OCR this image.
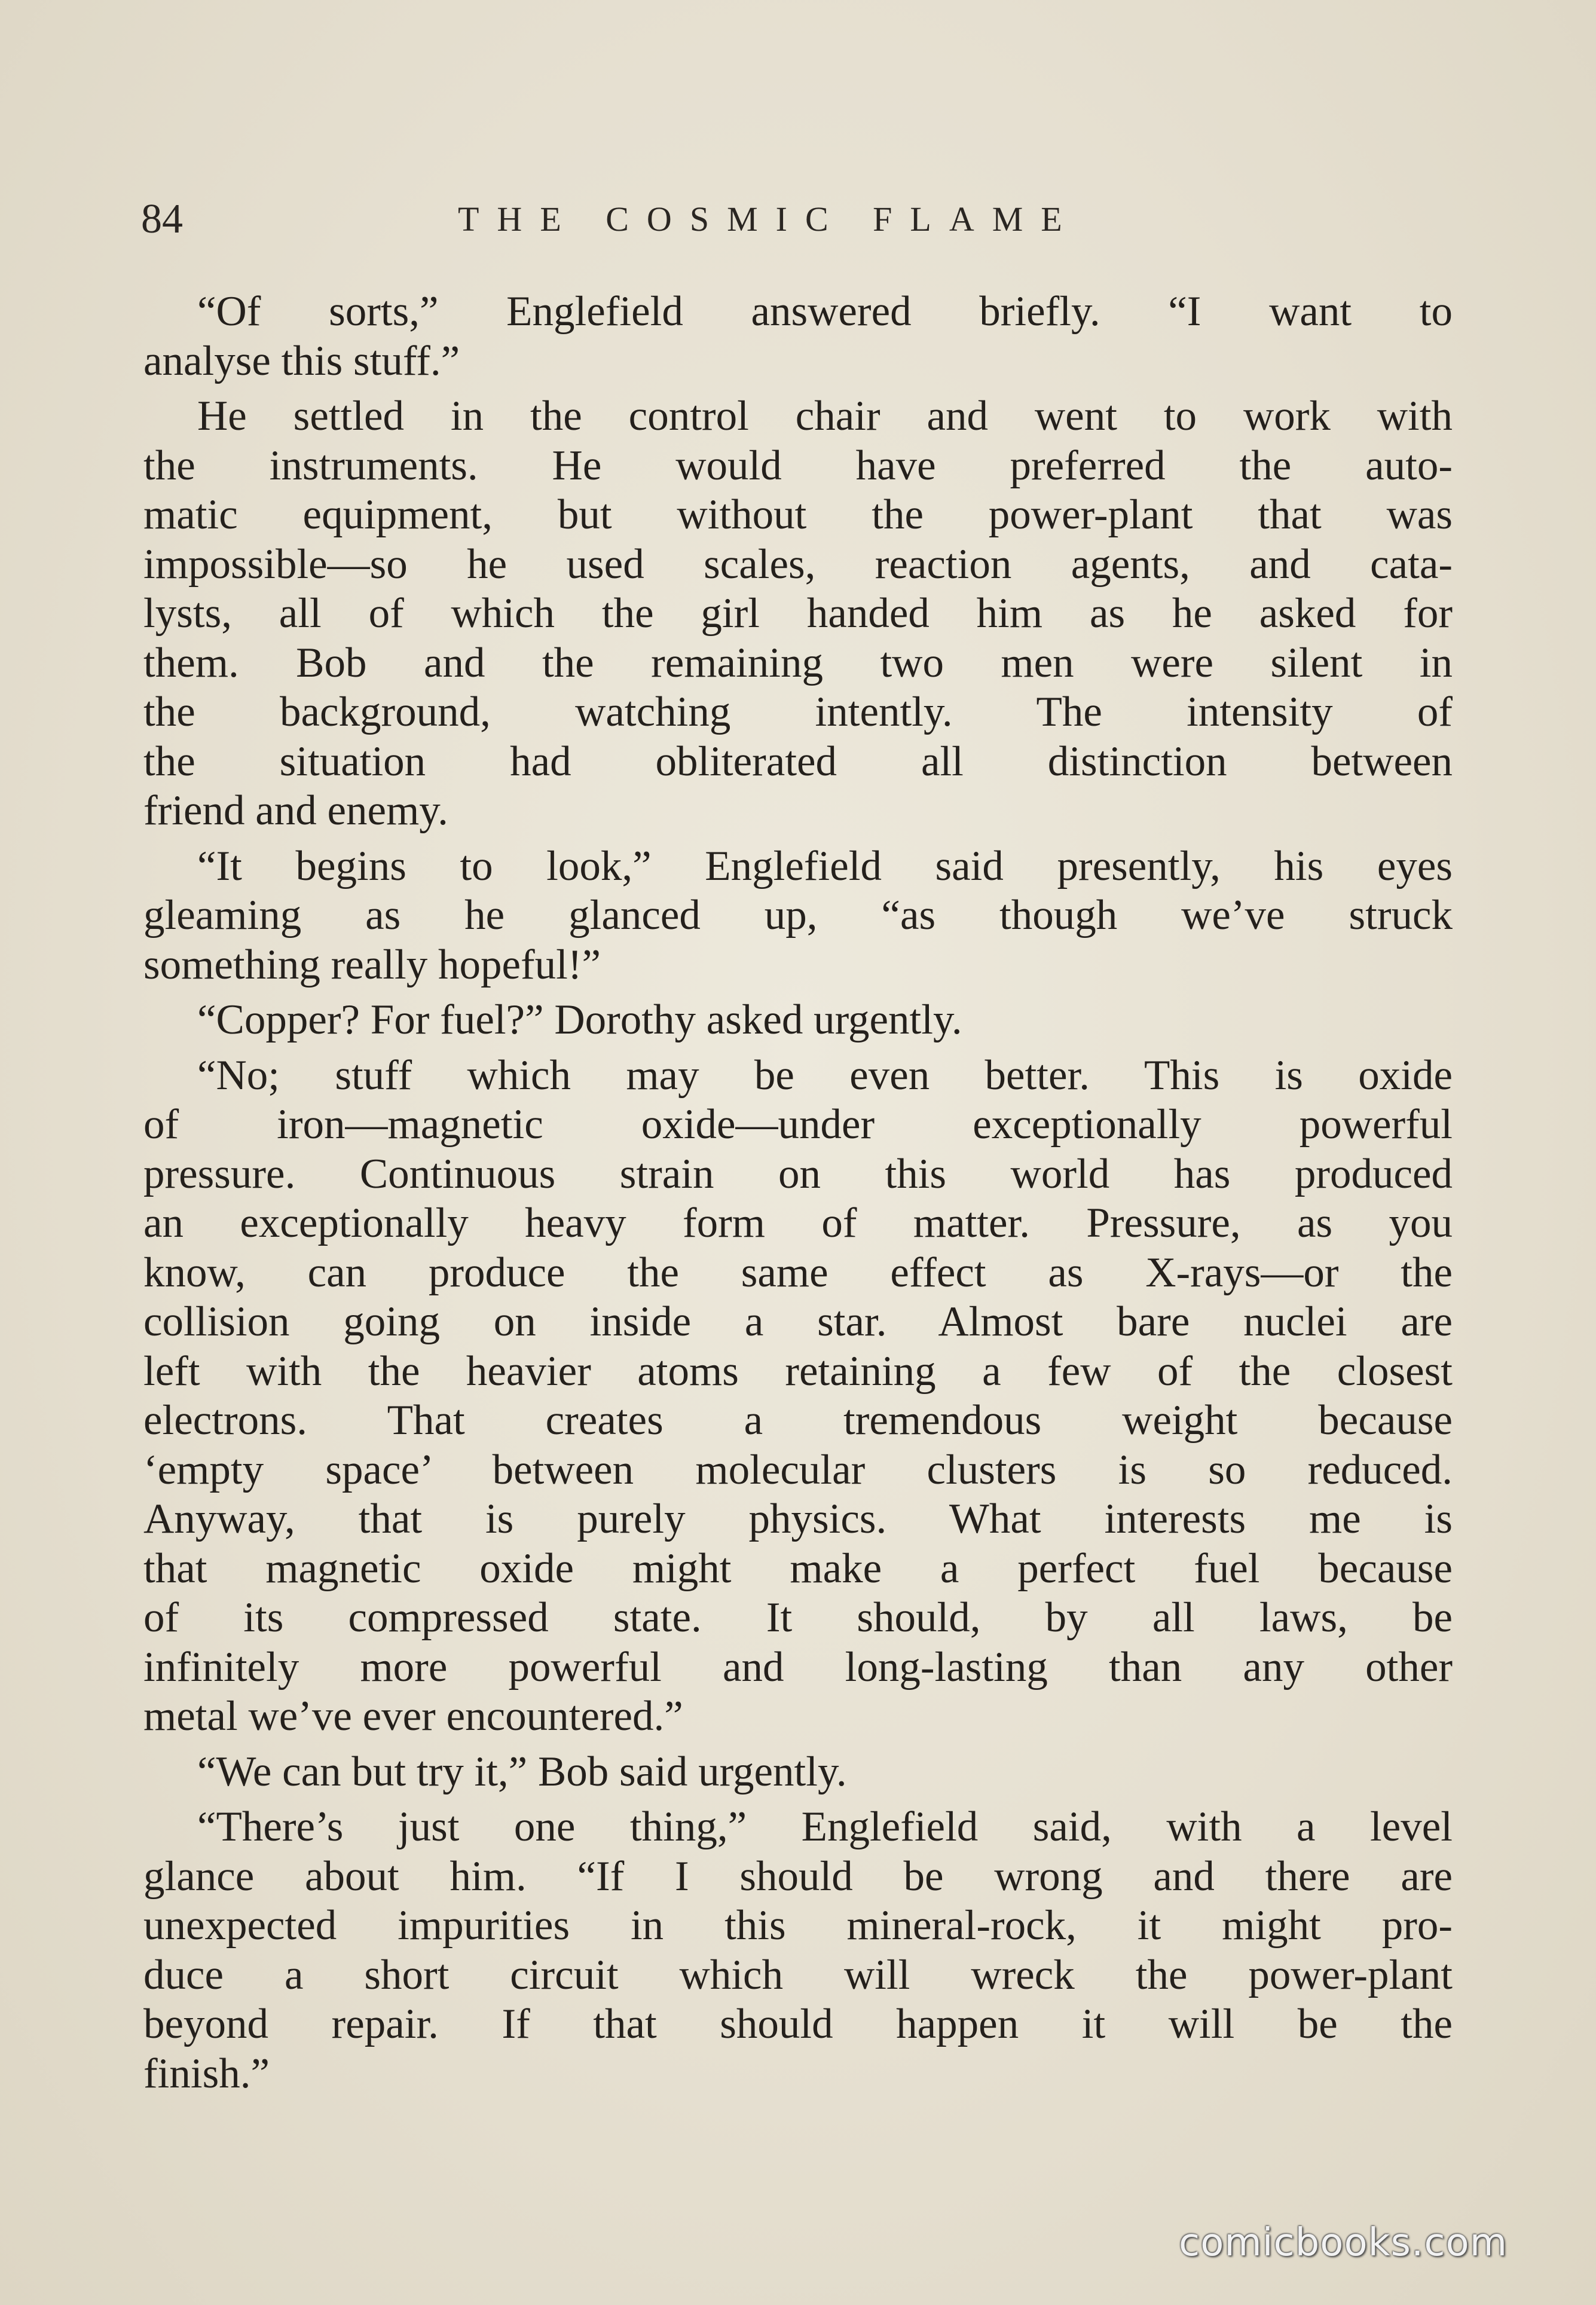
84	THE COSMIC FLAME
“Of sorts,” Englefield answered briefly. “I want to
analyse this stuff.”
He settled in the control chair and went to work with
the instruments. He would have preferred the auto-
matic equipment, but without the power-plant that was
impossible—so he used scales, reaction agents, and cata-
lysts, all of which the girl handed him as he asked for
them. Bob and the remaining two men were silent in
the background, watching intently. The intensity of
the situation had obliterated all distinction between
friend and enemy.
“It begins to look,” Englefield said presently, his eyes
gleaming as he glanced up, “as though we’ve struck
something really hopeful!”
“Copper? For fuel?” Dorothy asked urgently.
“No; stuff which may be even better. This is oxide
of iron—magnetic oxide—under exceptionally powerful
pressure. Continuous strain on this world has produced
an exceptionally heavy form of matter. Pressure, as you
know, can produce the same effect as X-rays—or the
collision going on inside a star. Almost bare nuclei are
left with the heavier atoms retaining a few of the closest
electrons. That creates a tremendous weight because
‘empty space’ between molecular clusters is so reduced.
Anyway, that is purely physics. What interests me is
that magnetic oxide might make a perfect fuel because
of its compressed state. It should, by all laws, be
infinitely more powerful and long-lasting than any other
metal we’ve ever encountered.”
“We can but try it,” Bob said urgently.
“There’s just one thing,” Englefield said, with a level
glance about him. “If I should be wrong and there are
unexpected impurities in this mineral-rock, it might pro-
duce a short circuit which will wreck the power-plant
beyond repair. If that should happen it will be the
finish.”
comicbooks.com
